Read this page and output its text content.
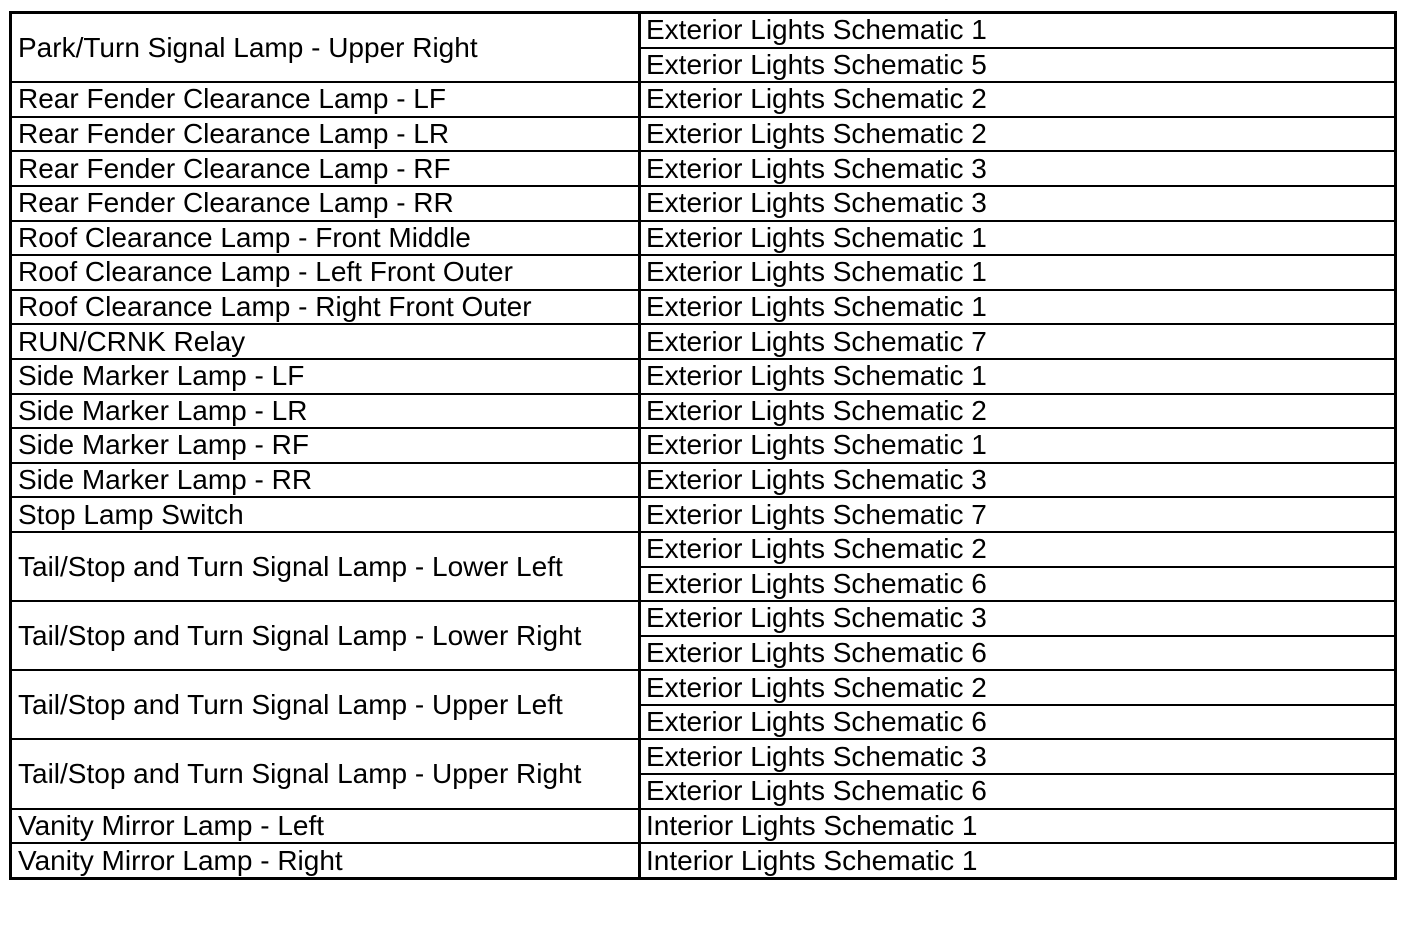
Park/Turn Signal Lamp - Upper Right	Exterior Lights Schematic 1
	Exterior Lights Schematic 5
Rear Fender Clearance Lamp - LF	Exterior Lights Schematic 2
Rear Fender Clearance Lamp - LR	Exterior Lights Schematic 2
Rear Fender Clearance Lamp - RF	Exterior Lights Schematic 3
Rear Fender Clearance Lamp - RR	Exterior Lights Schematic 3
Roof Clearance Lamp - Front Middle	Exterior Lights Schematic 1
Roof Clearance Lamp - Left Front Outer	Exterior Lights Schematic 1
Roof Clearance Lamp - Right Front Outer	Exterior Lights Schematic 1
RUN/CRNK Relay	Exterior Lights Schematic 7
Side Marker Lamp - LF	Exterior Lights Schematic 1
Side Marker Lamp - LR	Exterior Lights Schematic 2
Side Marker Lamp - RF	Exterior Lights Schematic 1
Side Marker Lamp - RR	Exterior Lights Schematic 3
Stop Lamp Switch	Exterior Lights Schematic 7
Tail/Stop and Turn Signal Lamp - Lower Left	Exterior Lights Schematic 2
	Exterior Lights Schematic 6
Tail/Stop and Turn Signal Lamp - Lower Right	Exterior Lights Schematic 3
	Exterior Lights Schematic 6
Tail/Stop and Turn Signal Lamp - Upper Left	Exterior Lights Schematic 2
	Exterior Lights Schematic 6
Tail/Stop and Turn Signal Lamp - Upper Right	Exterior Lights Schematic 3
	Exterior Lights Schematic 6
Vanity Mirror Lamp - Left	Interior Lights Schematic 1
Vanity Mirror Lamp - Right	Interior Lights Schematic 1
